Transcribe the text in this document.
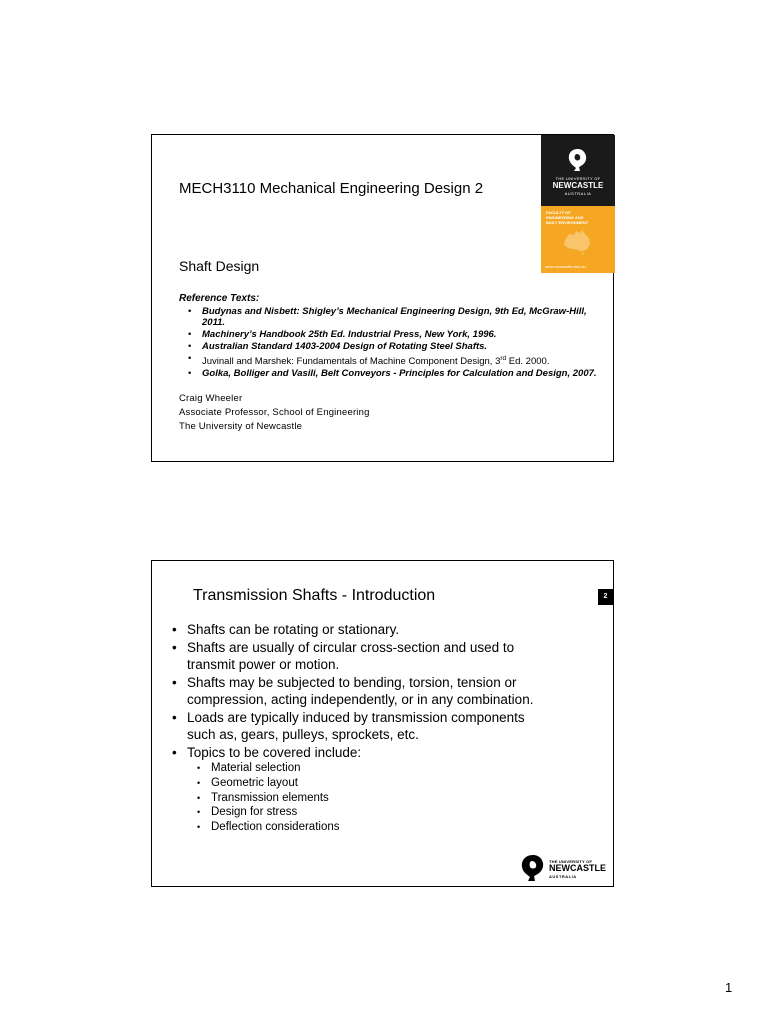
MECH3110 Mechanical Engineering Design 2
Shaft Design
Reference Texts:
• Budynas and Nisbett: Shigley’s Mechanical Engineering Design, 9th Ed, McGraw-Hill, 2011.
• Machinery’s Handbook 25th Ed. Industrial Press, New York, 1996.
• Australian Standard 1403-2004 Design of Rotating Steel Shafts.
• Juvinall and Marshek: Fundamentals of Machine Component Design, 3rd Ed. 2000.
• Golka, Bolliger and Vasili, Belt Conveyors - Principles for Calculation and Design, 2007.
Craig Wheeler
Associate Professor, School of Engineering
The University of Newcastle
THE UNIVERSITY OF
NEWCASTLE
AUSTRALIA
FACULTY OF
ENGINEERING AND
BUILT ENVIRONMENT
www.newcastle.edu.au
Transmission Shafts - Introduction	2
• Shafts can be rotating or stationary.
• Shafts are usually of circular cross-section and used to
transmit power or motion.
• Shafts may be subjected to bending, torsion, tension or
compression, acting independently, or in any combination.
• Loads are typically induced by transmission components
such as, gears, pulleys, sprockets, etc.
• Topics to be covered include:
• Material selection
• Geometric layout
• Transmission elements
• Design for stress
• Deflection considerations
THE UNIVERSITY OF
NEWCASTLE
AUSTRALIA
1
